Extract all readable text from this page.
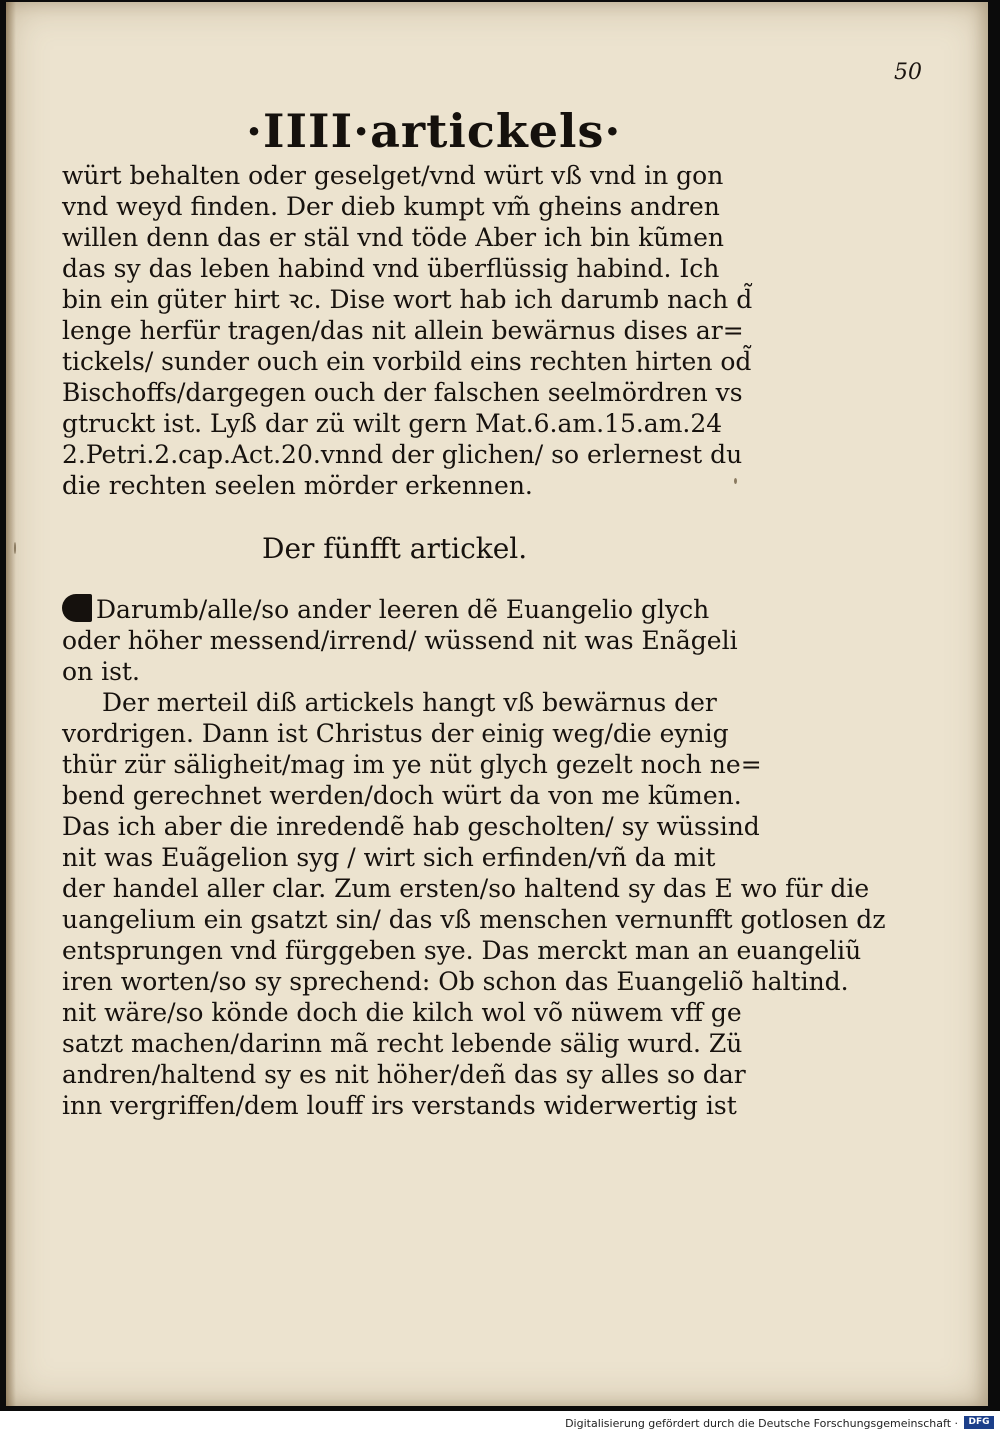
50
·IIII·artickels·
würt behalten oder geselget/vnd würt vß vnd in gon
vnd weyd finden. Der dieb kumpt vm̃ gheins andren
willen denn das er stäl vnd töde Aber ich bin kũmen
das sy das leben habind vnd überflüssig habind. Ich
bin ein güter hirt ꝛc. Dise wort hab ich darumb nach d̃
lenge herfür tragen/das nit allein bewärnus dises ar=
tickels/ sunder ouch ein vorbild eins rechten hirten od̃
Bischoffs/dargegen ouch der falschen seelmördren vs
gtruckt ist. Lyß dar zü wilt gern Mat.6.am.15.am.24
2.Petri.2.cap.Act.20.vnnd der glichen/ so erlernest du
die rechten seelen mörder erkennen.
Der fünfft artickel.
Darumb/alle/so ander leeren dẽ Euangelio glych
oder höher messend/irrend/ wüssend nit was Enãgeli
on ist.
Der merteil diß artickels hangt vß bewärnus der
vordrigen. Dann ist Christus der einig weg/die eynig
thür zür säligheit/mag im ye nüt glych gezelt noch ne=
bend gerechnet werden/doch würt da von me kũmen.
Das ich aber die inredendẽ hab gescholten/ sy wüssind
nit was Euãgelion syg / wirt sich erfinden/vñ da mit
der handel aller clar. Zum ersten/so haltend sy das E wo für die
uangelium ein gsatzt sin/ das vß menschen vernunfft gotlosen dz
entsprungen vnd fürggeben sye. Das merckt man an euangeliũ
iren worten/so sy sprechend: Ob schon das Euangeliõ haltind.
nit wäre/so könde doch die kilch wol võ nüwem vff ge
satzt machen/darinn mã recht lebende sälig wurd. Zü
andren/haltend sy es nit höher/deñ das sy alles so dar
inn vergriffen/dem louff irs verstands widerwertig ist
Digitalisierung gefördert durch die Deutsche Forschungsgemeinschaft ·	DFG
